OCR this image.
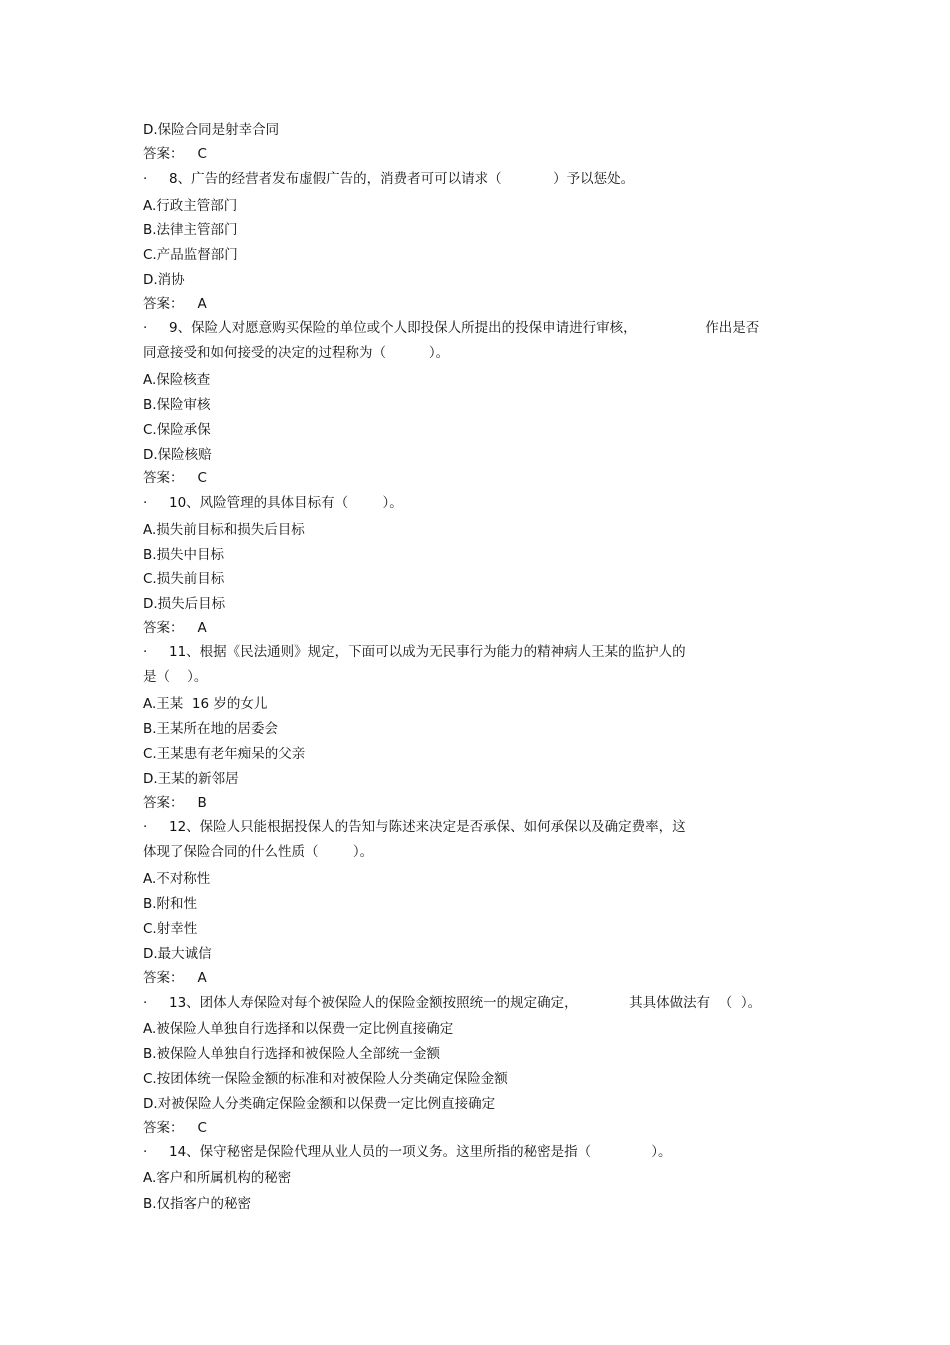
D.保险合同是射幸合同
答案： C
· 8、广告的经营者发布虚假广告的，消费者可可以请求（            ）予以惩处。
A.行政主管部门
B.法律主管部门
C.产品监督部门
D.消协
答案： A
· 9、保险人对愿意购买保险的单位或个人即投保人所提出的投保申请进行审核，                作出是否
同意接受和如何接受的决定的过程称为（          ）。
A.保险核查
B.保险审核
C.保险承保
D.保险核赔
答案： C
· 10、风险管理的具体目标有（        ）。
A.损失前目标和损失后目标
B.损失中目标
C.损失前目标
D.损失后目标
答案： A
· 11、根据《民法通则》规定，下面可以成为无民事行为能力的精神病人王某的监护人的
是（    ）。
A.王某  16 岁的女儿
B.王某所在地的居委会
C.王某患有老年痴呆的父亲
D.王某的新邻居
答案： B
· 12、保险人只能根据投保人的告知与陈述来决定是否承保、如何承保以及确定费率，这
体现了保险合同的什么性质（        ）。
A.不对称性
B.附和性
C.射幸性
D.最大诚信
答案： A
· 13、团体人寿保险对每个被保险人的保险金额按照统一的规定确定，            其具体做法有  （  ）。
A.被保险人单独自行选择和以保费一定比例直接确定
B.被保险人单独自行选择和被保险人全部统一金额
C.按团体统一保险金额的标准和对被保险人分类确定保险金额
D.对被保险人分类确定保险金额和以保费一定比例直接确定
答案： C
· 14、保守秘密是保险代理从业人员的一项义务。这里所指的秘密是指（              ）。
A.客户和所属机构的秘密
B.仅指客户的秘密
